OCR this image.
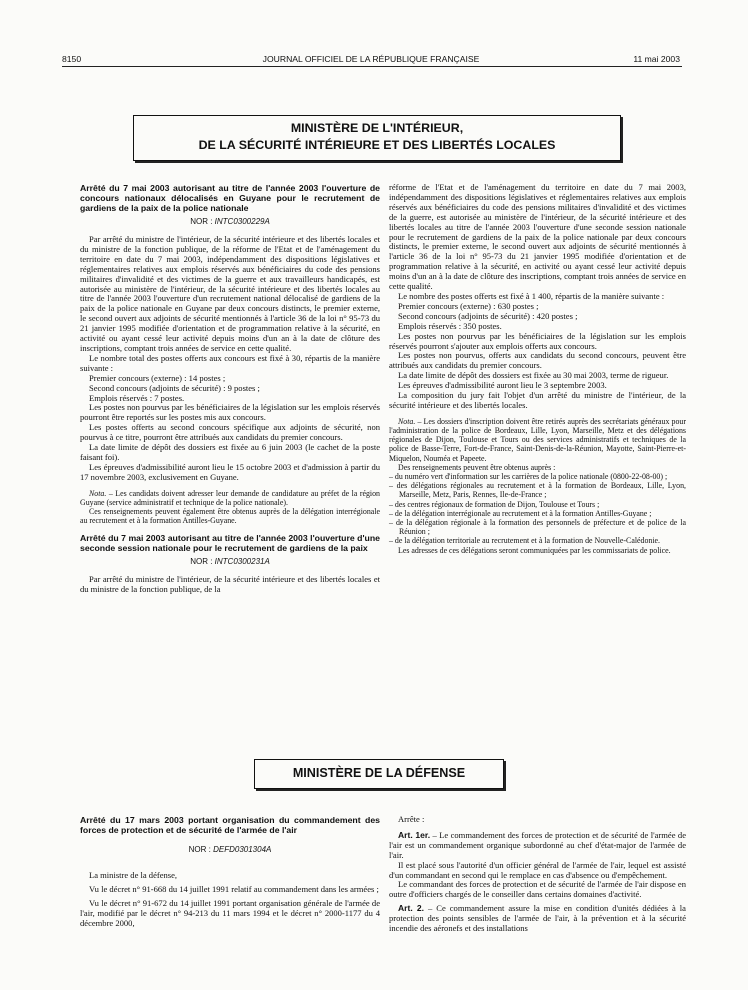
8150	JOURNAL OFFICIEL DE LA RÉPUBLIQUE FRANÇAISE	11 mai 2003
MINISTÈRE DE L'INTÉRIEUR,
DE LA SÉCURITÉ INTÉRIEURE ET DES LIBERTÉS LOCALES

Arrêté du 7 mai 2003 autorisant au titre de l'année 2003 l'ouverture de concours nationaux délocalisés en Guyane pour le recrutement de gardiens de la paix de la police nationale

NOR : INTC0300229A

Par arrêté du ministre de l'intérieur, de la sécurité intérieure et des libertés locales et du ministre de la fonction publique, de la réforme de l'Etat et de l'aménagement du territoire en date du 7 mai 2003, indépendamment des dispositions législatives et réglementaires relatives aux emplois réservés aux bénéficiaires du code des pensions militaires d'invalidité et des victimes de la guerre et aux travailleurs handicapés, est autorisée au ministère de l'intérieur, de la sécurité intérieure et des libertés locales au titre de l'année 2003 l'ouverture d'un recrutement national délocalisé de gardiens de la paix de la police nationale en Guyane par deux concours distincts, le premier externe, le second ouvert aux adjoints de sécurité mentionnés à l'article 36 de la loi n° 95-73 du 21 janvier 1995 modifiée d'orientation et de programmation relative à la sécurité, en activité ou ayant cessé leur activité depuis moins d'un an à la date de clôture des inscriptions, comptant trois années de service en cette qualité.

Le nombre total des postes offerts aux concours est fixé à 30, répartis de la manière suivante :

Premier concours (externe) : 14 postes ;

Second concours (adjoints de sécurité) : 9 postes ;

Emplois réservés : 7 postes.

Les postes non pourvus par les bénéficiaires de la législation sur les emplois réservés pourront être reportés sur les postes mis aux concours.

Les postes offerts au second concours spécifique aux adjoints de sécurité, non pourvus à ce titre, pourront être attribués aux candidats du premier concours.

La date limite de dépôt des dossiers est fixée au 6 juin 2003 (le cachet de la poste faisant foi).

Les épreuves d'admissibilité auront lieu le 15 octobre 2003 et d'admission à partir du 17 novembre 2003, exclusivement en Guyane.

Nota. – Les candidats doivent adresser leur demande de candidature au préfet de la région Guyane (service administratif et technique de la police nationale).

Ces renseignements peuvent également être obtenus auprès de la délégation interrégionale au recrutement et à la formation Antilles-Guyane.

Arrêté du 7 mai 2003 autorisant au titre de l'année 2003 l'ouverture d'une seconde session nationale pour le recrutement de gardiens de la paix

NOR : INTC0300231A

Par arrêté du ministre de l'intérieur, de la sécurité intérieure et des libertés locales et du ministre de la fonction publique, de la

réforme de l'Etat et de l'aménagement du territoire en date du 7 mai 2003, indépendamment des dispositions législatives et réglementaires relatives aux emplois réservés aux bénéficiaires du code des pensions militaires d'invalidité et des victimes de la guerre, est autorisée au ministère de l'intérieur, de la sécurité intérieure et des libertés locales au titre de l'année 2003 l'ouverture d'une seconde session nationale pour le recrutement de gardiens de la paix de la police nationale par deux concours distincts, le premier externe, le second ouvert aux adjoints de sécurité mentionnés à l'article 36 de la loi n° 95-73 du 21 janvier 1995 modifiée d'orientation et de programmation relative à la sécurité, en activité ou ayant cessé leur activité depuis moins d'un an à la date de clôture des inscriptions, comptant trois années de service en cette qualité.

Le nombre des postes offerts est fixé à 1 400, répartis de la manière suivante :

Premier concours (externe) : 630 postes ;

Second concours (adjoints de sécurité) : 420 postes ;

Emplois réservés : 350 postes.

Les postes non pourvus par les bénéficiaires de la législation sur les emplois réservés pourront s'ajouter aux emplois offerts aux concours.

Les postes non pourvus, offerts aux candidats du second concours, peuvent être attribués aux candidats du premier concours.

La date limite de dépôt des dossiers est fixée au 30 mai 2003, terme de rigueur.

Les épreuves d'admissibilité auront lieu le 3 septembre 2003.

La composition du jury fait l'objet d'un arrêté du ministre de l'intérieur, de la sécurité intérieure et des libertés locales.

Nota. – Les dossiers d'inscription doivent être retirés auprès des secrétariats généraux pour l'administration de la police de Bordeaux, Lille, Lyon, Marseille, Metz et des délégations régionales de Dijon, Toulouse et Tours ou des services administratifs et techniques de la police de Basse-Terre, Fort-de-France, Saint-Denis-de-la-Réunion, Mayotte, Saint-Pierre-et-Miquelon, Nouméa et Papeete.

Des renseignements peuvent être obtenus auprès :

– du numéro vert d'information sur les carrières de la police nationale (0800-22-08-00) ;

– des délégations régionales au recrutement et à la formation de Bordeaux, Lille, Lyon, Marseille, Metz, Paris, Rennes, Ile-de-France ;

– des centres régionaux de formation de Dijon, Toulouse et Tours ;

– de la délégation interrégionale au recrutement et à la formation Antilles-Guyane ;

– de la délégation régionale à la formation des personnels de préfecture et de police de la Réunion ;

– de la délégation territoriale au recrutement et à la formation de Nouvelle-Calédonie.

Les adresses de ces délégations seront communiquées par les commissariats de police.

MINISTÈRE DE LA DÉFENSE

Arrêté du 17 mars 2003 portant organisation du commandement des forces de protection et de sécurité de l'armée de l'air

NOR : DEFD0301304A

La ministre de la défense,

Vu le décret n° 91-668 du 14 juillet 1991 relatif au commandement dans les armées ;

Vu le décret n° 91-672 du 14 juillet 1991 portant organisation générale de l'armée de l'air, modifié par le décret n° 94-213 du 11 mars 1994 et le décret n° 2000-1177 du 4 décembre 2000,

Arrête :

Art. 1er. – Le commandement des forces de protection et de sécurité de l'armée de l'air est un commandement organique subordonné au chef d'état-major de l'armée de l'air.

Il est placé sous l'autorité d'un officier général de l'armée de l'air, lequel est assisté d'un commandant en second qui le remplace en cas d'absence ou d'empêchement.

Le commandant des forces de protection et de sécurité de l'armée de l'air dispose en outre d'officiers chargés de le conseiller dans certains domaines d'activité.

Art. 2. – Ce commandement assure la mise en condition d'unités dédiées à la protection des points sensibles de l'armée de l'air, à la prévention et à la sécurité incendie des aéronefs et des installations
